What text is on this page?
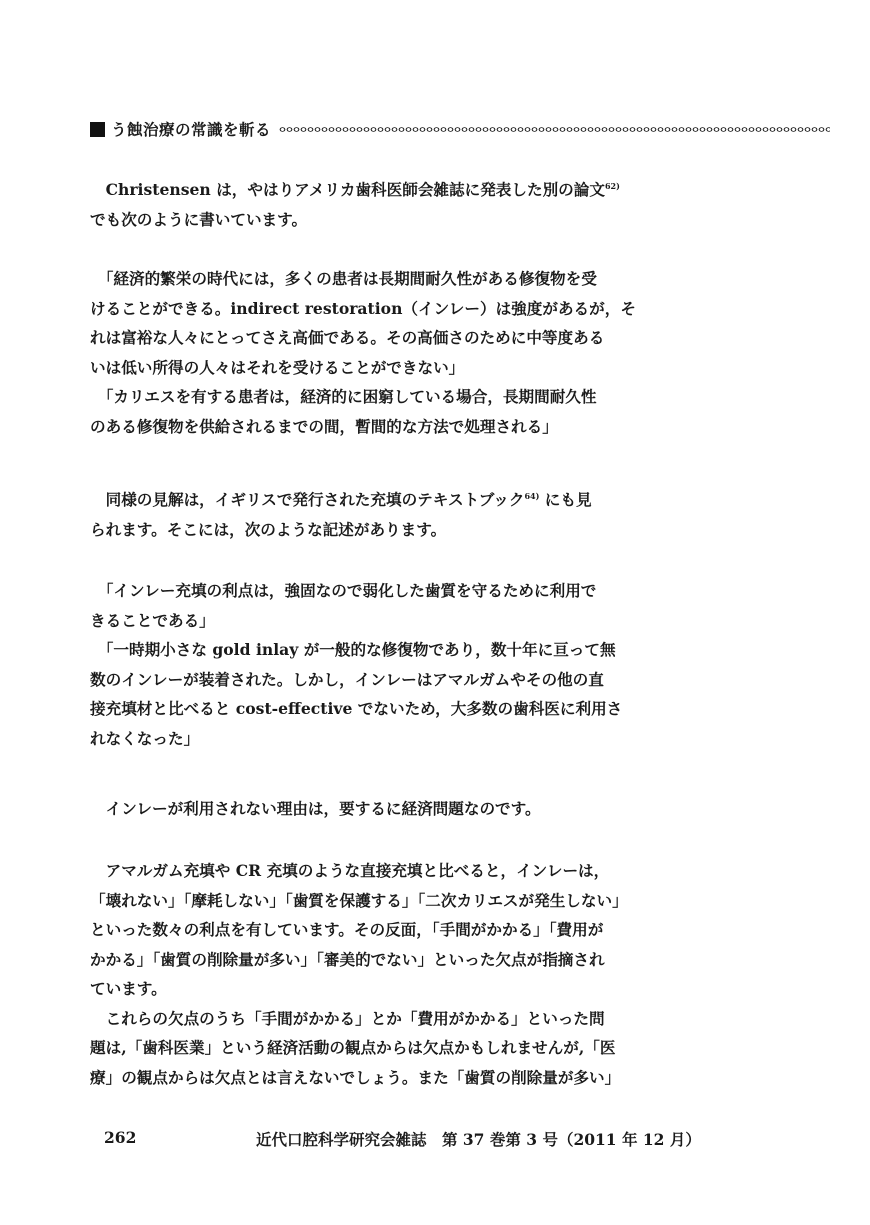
う蝕治療の常識を斬る

　Christensen は，やはりアメリカ歯科医師会雑誌に発表した別の論文$^{62)}$
でも次のように書いています。

　「経済的繁栄の時代には，多くの患者は長期間耐久性がある修復物を受
けることができる。indirect restoration（インレー）は強度があるが，そ
れは富裕な人々にとってさえ高価である。その高価さのために中等度ある
いは低い所得の人々はそれを受けることができない」
　「カリエスを有する患者は，経済的に困窮している場合，長期間耐久性
のある修復物を供給されるまでの間，暫間的な方法で処理される」

　同様の見解は，イギリスで発行された充填のテキストブック$^{64)}$ にも見
られます。そこには，次のような記述があります。

　「インレー充填の利点は，強固なので弱化した歯質を守るために利用で
きることである」
　「一時期小さな gold inlay が一般的な修復物であり，数十年に亘って無
数のインレーが装着された。しかし，インレーはアマルガムやその他の直
接充填材と比べると cost-effective でないため，大多数の歯科医に利用さ
れなくなった」

　インレーが利用されない理由は，要するに経済問題なのです。

　アマルガム充填や CR 充填のような直接充填と比べると，インレーは，
「壊れない」「摩耗しない」「歯質を保護する」「二次カリエスが発生しない」
といった数々の利点を有しています。その反面，「手間がかかる」「費用が
かかる」「歯質の削除量が多い」「審美的でない」といった欠点が指摘され
ています。
　これらの欠点のうち「手間がかかる」とか「費用がかかる」といった問
題は,「歯科医業」という経済活動の観点からは欠点かもしれませんが,「医
療」の観点からは欠点とは言えないでしょう。また「歯質の削除量が多い」

262	近代口腔科学研究会雑誌　第 37 巻第 3 号（2011 年 12 月）
